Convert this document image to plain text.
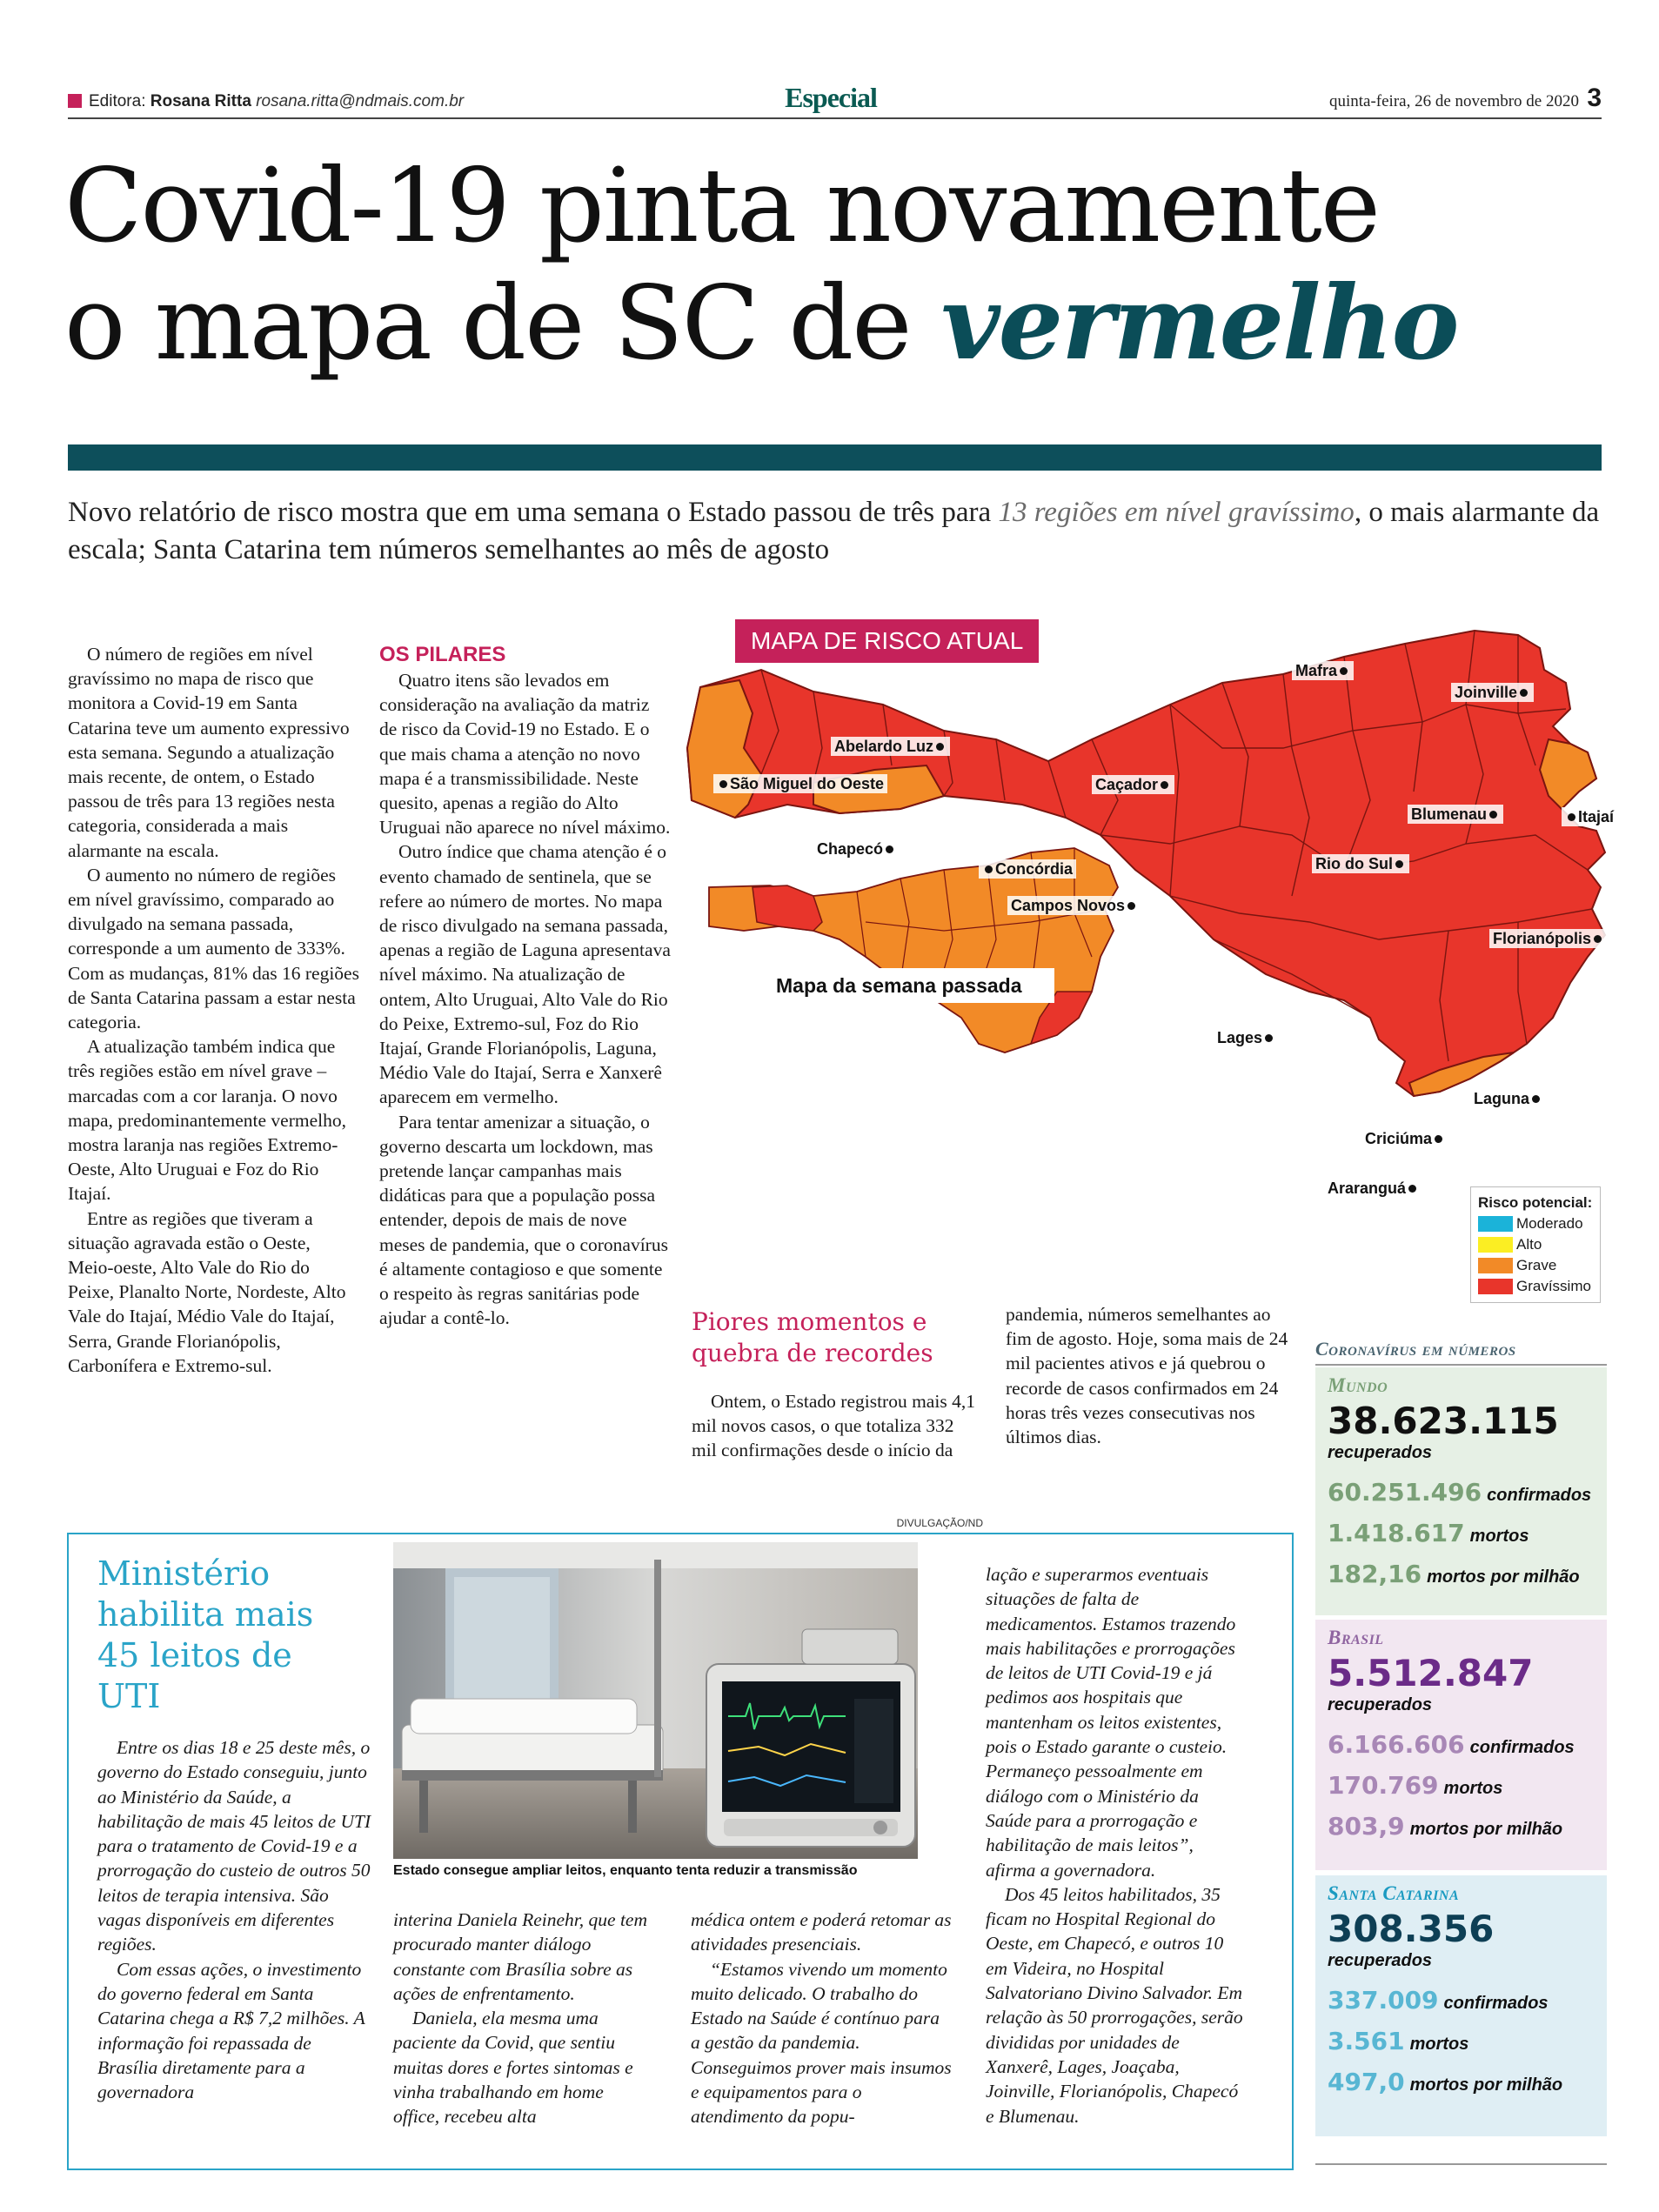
Editora: Rosana Ritta rosana.ritta@ndmais.com.br	Especial	quinta-feira, 26 de novembro de 2020 3
Covid-19 pinta novamente
o mapa de SC de vermelho
Novo relatório de risco mostra que em uma semana o Estado passou de três para 13 regiões em nível gravíssimo, o mais alarmante da escala; Santa Catarina tem números semelhantes ao mês de agosto

O número de regiões em nível gravíssimo no mapa de risco que monitora a Covid-19 em Santa Catarina teve um aumento expressivo esta semana. Segundo a atualização mais recente, de ontem, o Estado passou de três para 13 regiões nesta categoria, considerada a mais alarmante na escala.

O aumento no número de regiões em nível gravíssimo, comparado ao divulgado na semana passada, corresponde a um aumento de 333%. Com as mudanças, 81% das 16 regiões de Santa Catarina passam a estar nesta categoria.

A atualização também indica que três regiões estão em nível grave – marcadas com a cor laranja. O novo mapa, predominantemente vermelho, mostra laranja nas regiões Extremo-Oeste, Alto Uruguai e Foz do Rio Itajaí.

Entre as regiões que tiveram a situação agravada estão o Oeste, Meio-oeste, Alto Vale do Rio do Peixe, Planalto Norte, Nordeste, Alto Vale do Itajaí, Médio Vale do Itajaí, Serra, Grande Florianópolis, Carbonífera e Extremo-sul.

OS PILARES

Quatro itens são levados em consideração na avaliação da matriz de risco da Covid-19 no Estado. E o que mais chama a atenção no novo mapa é a transmissibilidade. Neste quesito, apenas a região do Alto Uruguai não aparece no nível máximo.

Outro índice que chama atenção é o evento chamado de sentinela, que se refere ao número de mortes. No mapa de risco divulgado na semana passada, apenas a região de Laguna apresentava nível máximo. Na atualização de ontem, Alto Uruguai, Alto Vale do Rio do Peixe, Extremo-sul, Foz do Rio Itajaí, Grande Florianópolis, Laguna, Médio Vale do Itajaí, Serra e Xanxerê aparecem em vermelho.

Para tentar amenizar a situação, o governo descarta um lockdown, mas pretende lançar campanhas mais didáticas para que a população possa entender, depois de mais de nove meses de pandemia, que o coronavírus é altamente contagioso e que somente o respeito às regras sanitárias pode ajudar a contê-lo.	Piores momentos e quebra de recordes

Ontem, o Estado registrou mais 4,1 mil novos casos, o que totaliza 332 mil confirmações desde o início da

pandemia, números semelhantes ao fim de agosto. Hoje, soma mais de 24 mil pacientes ativos e já quebrou o recorde de casos confirmados em 24 horas três vezes consecutivas nos últimos dias.

MAPA DE RISCO ATUAL
Mapa da semana passada
Mafra
Joinville
Abelardo Luz
São Miguel do Oeste	Caçador
Blumenau	Itajaí
Chapecó
Concórdia	Rio do Sul
Campos Novos
Florianópolis
Lages
Laguna
Criciúma
Araranguá
Risco potencial:
Moderado
Alto
Grave
Gravíssimo
Coronavírus em números
Mundo
38.623.115
recuperados
60.251.496 confirmados
1.418.617 mortos
182,16 mortos por milhão
Brasil
5.512.847
recuperados
6.166.606 confirmados
170.769 mortos
803,9 mortos por milhão
Santa Catarina
308.356
recuperados
337.009 confirmados
3.561 mortos
497,0 mortos por milhão
DIVULGAÇÃO/ND
Ministério habilita mais 45 leitos de UTI
Estado consegue ampliar leitos, enquanto tenta reduzir a transmissão

Entre os dias 18 e 25 deste mês, o governo do Estado conseguiu, junto ao Ministério da Saúde, a habilitação de mais 45 leitos de UTI para o tratamento de Covid-19 e a prorrogação do custeio de outros 50 leitos de terapia intensiva. São vagas disponíveis em diferentes regiões.

Com essas ações, o investimento do governo federal em Santa Catarina chega a R$ 7,2 milhões. A informação foi repassada de Brasília diretamente para a governadora

interina Daniela Reinehr, que tem procurado manter diálogo constante com Brasília sobre as ações de enfrentamento.

Daniela, ela mesma uma paciente da Covid, que sentiu muitas dores e fortes sintomas e vinha trabalhando em home office, recebeu alta

médica ontem e poderá retomar as atividades presenciais.

“Estamos vivendo um momento muito delicado. O trabalho do Estado na Saúde é contínuo para a gestão da pandemia. Conseguimos prover mais insumos e equipamentos para o atendimento da popu-

lação e superarmos eventuais situações de falta de medicamentos. Estamos trazendo mais habilitações e prorrogações de leitos de UTI Covid-19 e já pedimos aos hospitais que mantenham os leitos existentes, pois o Estado garante o custeio. Permaneço pessoalmente em diálogo com o Ministério da Saúde para a prorrogação e habilitação de mais leitos”, afirma a governadora.

Dos 45 leitos habilitados, 35 ficam no Hospital Regional do Oeste, em Chapecó, e outros 10 em Videira, no Hospital Salvatoriano Divino Salvador. Em relação às 50 prorrogações, serão divididas por unidades de Xanxerê, Lages, Joaçaba, Joinville, Florianópolis, Chapecó e Blumenau.
